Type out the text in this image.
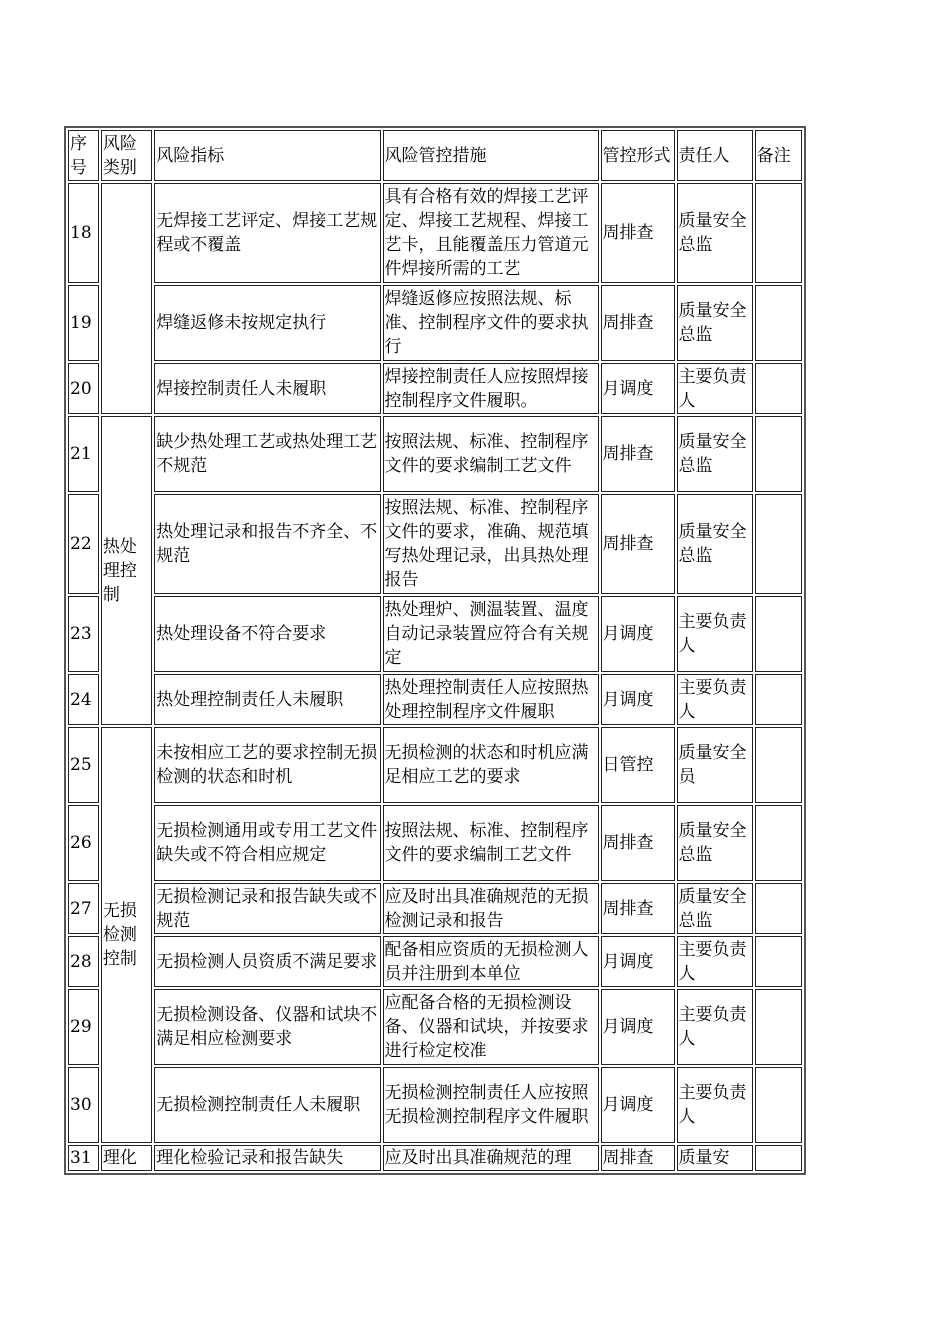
序号	风险类别	风险指标	风险管控措施	管控形式	责任人	备注
18		无焊接工艺评定、焊接工艺规程或不覆盖	具有合格有效的焊接工艺评定、焊接工艺规程、焊接工艺卡，且能覆盖压力管道元件焊接所需的工艺	周排查	质量安全总监	
19		焊缝返修未按规定执行	焊缝返修应按照法规、标准、控制程序文件的要求执行	周排查	质量安全总监	
20		焊接控制责任人未履职	焊接控制责任人应按照焊接控制程序文件履职。	月调度	主要负责人	
21	热处理控制	缺少热处理工艺或热处理工艺不规范	按照法规、标准、控制程序文件的要求编制工艺文件	周排查	质量安全总监	
22		热处理记录和报告不齐全、不规范	按照法规、标准、控制程序文件的要求，准确、规范填写热处理记录，出具热处理报告	周排查	质量安全总监	
23		热处理设备不符合要求	热处理炉、测温装置、温度自动记录装置应符合有关规定	月调度	主要负责人	
24		热处理控制责任人未履职	热处理控制责任人应按照热处理控制程序文件履职	月调度	主要负责人	
25	无损检测控制	未按相应工艺的要求控制无损检测的状态和时机	无损检测的状态和时机应满足相应工艺的要求	日管控	质量安全员	
26		无损检测通用或专用工艺文件缺失或不符合相应规定	按照法规、标准、控制程序文件的要求编制工艺文件	周排查	质量安全总监	
27		无损检测记录和报告缺失或不规范	应及时出具准确规范的无损检测记录和报告	周排查	质量安全总监	
28		无损检测人员资质不满足要求	配备相应资质的无损检测人员并注册到本单位	月调度	主要负责人	
29		无损检测设备、仪器和试块不满足相应检测要求	应配备合格的无损检测设备、仪器和试块，并按要求进行检定校准	月调度	主要负责人	
30		无损检测控制责任人未履职	无损检测控制责任人应按照无损检测控制程序文件履职	月调度	主要负责人	
31	理化	理化检验记录和报告缺失	应及时出具准确规范的理	周排查	质量安	
